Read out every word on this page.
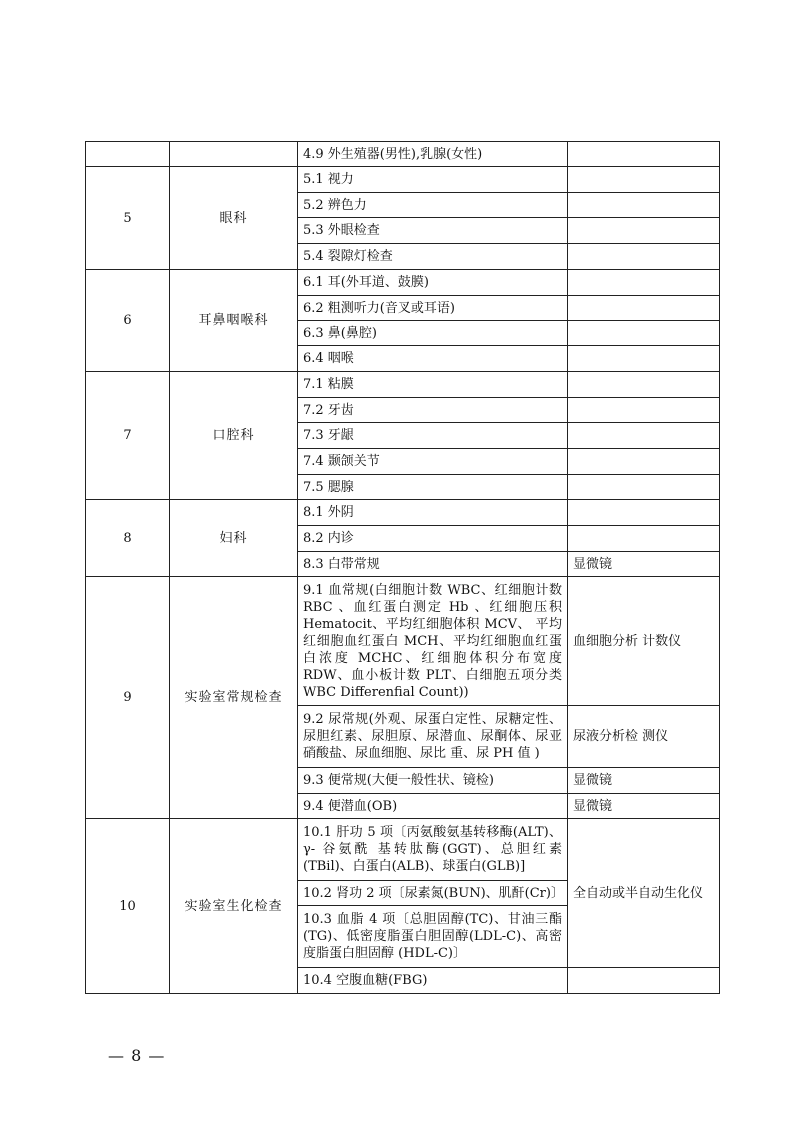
		4.9 外生殖器(男性),乳腺(女性)	
5	眼科	5.1 视力	
		5.2 辨色力	
		5.3 外眼检查	
		5.4 裂隙灯检查	
6	耳鼻咽喉科	6.1 耳(外耳道、鼓膜)	
		6.2 粗测听力(音叉或耳语)	
		6.3 鼻(鼻腔)	
		6.4 咽喉	
7	口腔科	7.1 粘膜	
		7.2 牙齿	
		7.3 牙龈	
		7.4 颞颌关节	
		7.5 腮腺	
8	妇科	8.1 外阴	
		8.2 内诊	
		8.3 白带常规	显微镜
9	实验室常规检查	9.1 血常规(白细胞计数 WBC、红细胞计数 RBC 、血红蛋白测定 Hb 、红细胞压积 Hematocit、平均红细胞体积 MCV、 平均红细胞血红蛋白 MCH、平均红细胞血红蛋白浓度 MCHC、红细胞体积分布宽度 RDW、血小板计数 PLT、白细胞五项分类 WBC Differenfial Count))	血细胞分析 计数仪
		9.2 尿常规(外观、尿蛋白定性、尿糖定性、尿胆红素、尿胆原、尿潜血、尿酮体、尿亚硝酸盐、尿血细胞、尿比 重、尿 PH 值 )	尿液分析检 测仪
		9.3 便常规(大便一般性状、镜检)	显微镜
		9.4 便潜血(OB)	显微镜
10	实验室生化检查	10.1 肝功 5 项〔丙氨酸氨基转移酶(ALT)、γ- 谷氨酰 基转肽酶(GGT)、总胆红素(TBil)、白蛋白(ALB)、球蛋白(GLB)]	全自动或半自动生化仪
		10.2 肾功 2 项〔尿素氮(BUN)、肌酐(Cr)〕	
		10.3 血脂 4 项〔总胆固醇(TC)、甘油三酯(TG)、低密度脂蛋白胆固醇(LDL-C)、高密度脂蛋白胆固醇 (HDL-C)〕	
		10.4 空腹血糖(FBG)	
— 8 —
